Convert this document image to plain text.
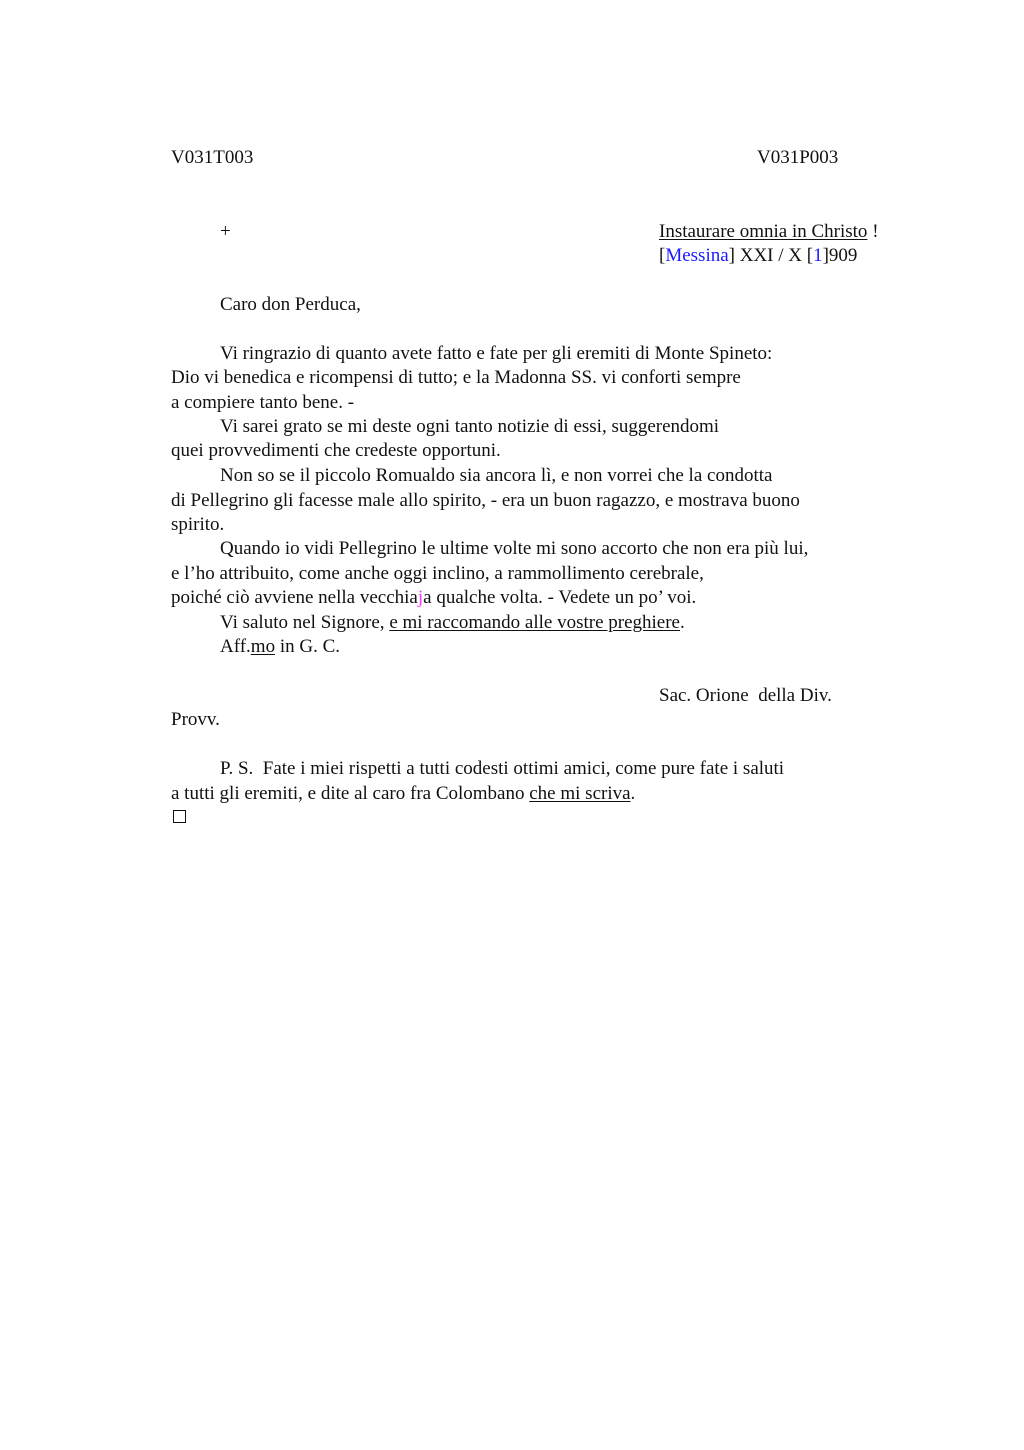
V031T003	V031P003
+	Instaurare omnia in Christo !
[Messina] XXI / X [1]909
Caro don Perduca,
Vi ringrazio di quanto avete fatto e fate per gli eremiti di Monte Spineto:
Dio vi benedica e ricompensi di tutto; e la Madonna SS. vi conforti sempre
a compiere tanto bene. -
Vi sarei grato se mi deste ogni tanto notizie di essi, suggerendomi
quei provvedimenti che credeste opportuni.
Non so se il piccolo Romualdo sia ancora lì, e non vorrei che la condotta
di Pellegrino gli facesse male allo spirito, - era un buon ragazzo, e mostrava buono
spirito.
Quando io vidi Pellegrino le ultime volte mi sono accorto che non era più lui,
e l’ho attribuito, come anche oggi inclino, a rammollimento cerebrale,
poiché ciò avviene nella vecchiaja qualche volta. - Vedete un po’ voi.
Vi saluto nel Signore, e mi raccomando alle vostre preghiere.
Aff.mo in G. C.
Sac. Orione  della Div.
Provv.
P. S.  Fate i miei rispetti a tutti codesti ottimi amici, come pure fate i saluti
a tutti gli eremiti, e dite al caro fra Colombano che mi scriva.
